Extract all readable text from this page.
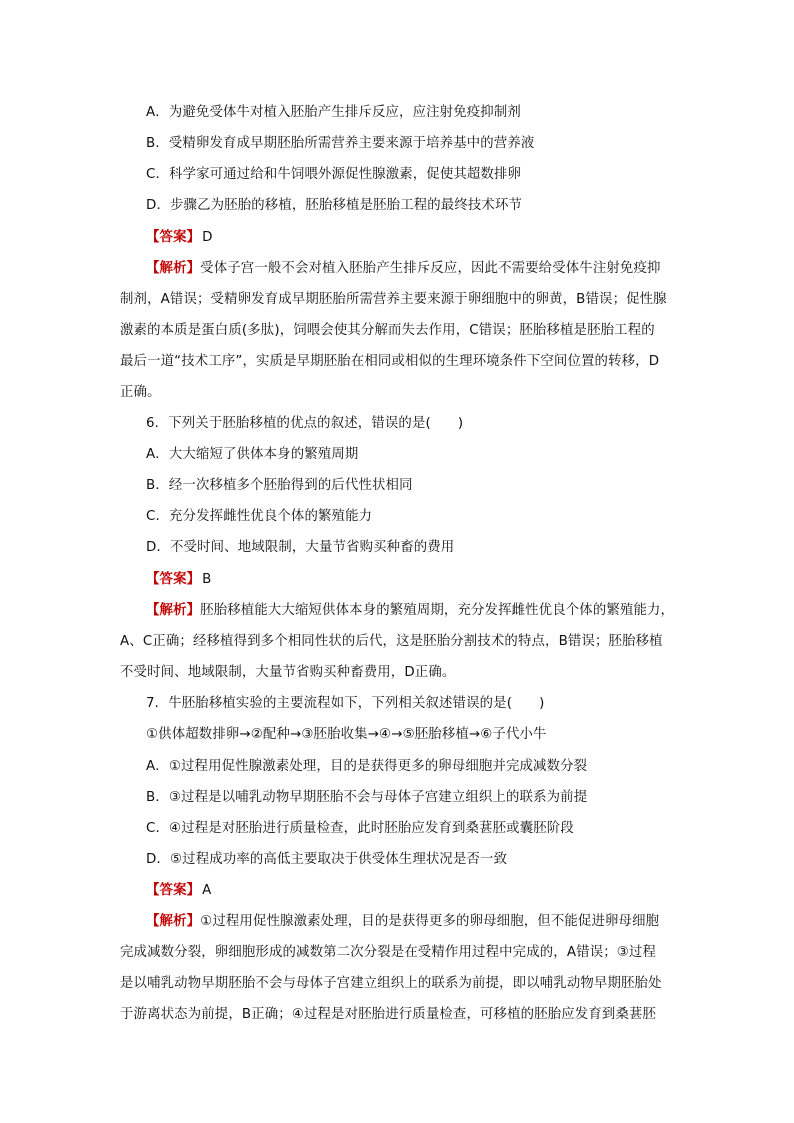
A．为避免受体牛对植入胚胎产生排斥反应，应注射免疫抑制剂
B．受精卵发育成早期胚胎所需营养主要来源于培养基中的营养液
C．科学家可通过给和牛饲喂外源促性腺激素，促使其超数排卵
D．步骤乙为胚胎的移植，胚胎移植是胚胎工程的最终技术环节
【答案】 D
【解析】受体子宫一般不会对植入胚胎产生排斥反应，因此不需要给受体牛注射免疫抑
制剂，A错误；受精卵发育成早期胚胎所需营养主要来源于卵细胞中的卵黄，B错误；促性腺
激素的本质是蛋白质(多肽)，饲喂会使其分解而失去作用，C错误；胚胎移植是胚胎工程的
最后一道“技术工序”，实质是早期胚胎在相同或相似的生理环境条件下空间位置的转移，D
正确。
6．下列关于胚胎移植的优点的叙述，错误的是(　　)
A．大大缩短了供体本身的繁殖周期
B．经一次移植多个胚胎得到的后代性状相同
C．充分发挥雌性优良个体的繁殖能力
D．不受时间、地域限制，大量节省购买种畜的费用
【答案】 B
【解析】胚胎移植能大大缩短供体本身的繁殖周期，充分发挥雌性优良个体的繁殖能力，
A、C正确；经移植得到多个相同性状的后代，这是胚胎分割技术的特点，B错误；胚胎移植
不受时间、地域限制，大量节省购买种畜费用，D正确。
7．牛胚胎移植实验的主要流程如下，下列相关叙述错误的是(　　)
①供体超数排卵→②配种→③胚胎收集→④→⑤胚胎移植→⑥子代小牛
A．①过程用促性腺激素处理，目的是获得更多的卵母细胞并完成减数分裂
B．③过程是以哺乳动物早期胚胎不会与母体子宫建立组织上的联系为前提
C．④过程是对胚胎进行质量检查，此时胚胎应发育到桑葚胚或囊胚阶段
D．⑤过程成功率的高低主要取决于供受体生理状况是否一致
【答案】 A
【解析】①过程用促性腺激素处理，目的是获得更多的卵母细胞，但不能促进卵母细胞
完成减数分裂，卵细胞形成的减数第二次分裂是在受精作用过程中完成的，A错误；③过程
是以哺乳动物早期胚胎不会与母体子宫建立组织上的联系为前提，即以哺乳动物早期胚胎处
于游离状态为前提，B正确；④过程是对胚胎进行质量检查，可移植的胚胎应发育到桑葚胚
